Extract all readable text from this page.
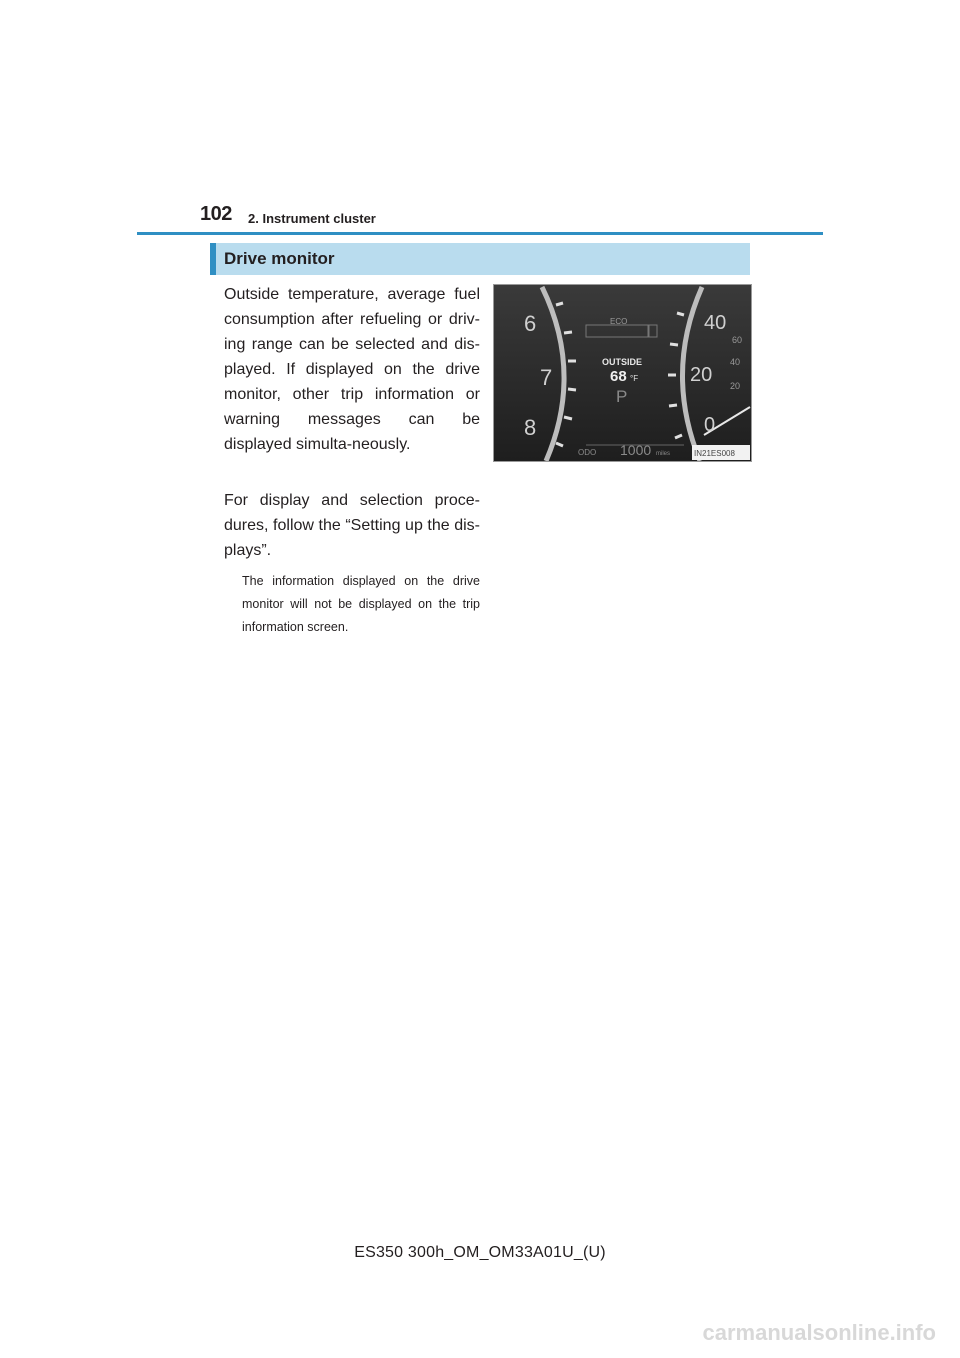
102 2. Instrument cluster
Drive monitor
Outside temperature, average fuel consumption after refueling or driv-ing range can be selected and dis-played. If displayed on the drive monitor, other trip information or warning messages can be displayed simulta-neously.
For display and selection proce-dures, follow the “Setting up the dis-plays”.
The information displayed on the drive monitor will not be displayed on the trip information screen.
6
7
8
40
20
0
60
40
20
ECO
OUTSIDE
68 °F
P
ODO 1000 miles	IN21ES008
ES350 300h_OM_OM33A01U_(U)
carmanualsonline.info
